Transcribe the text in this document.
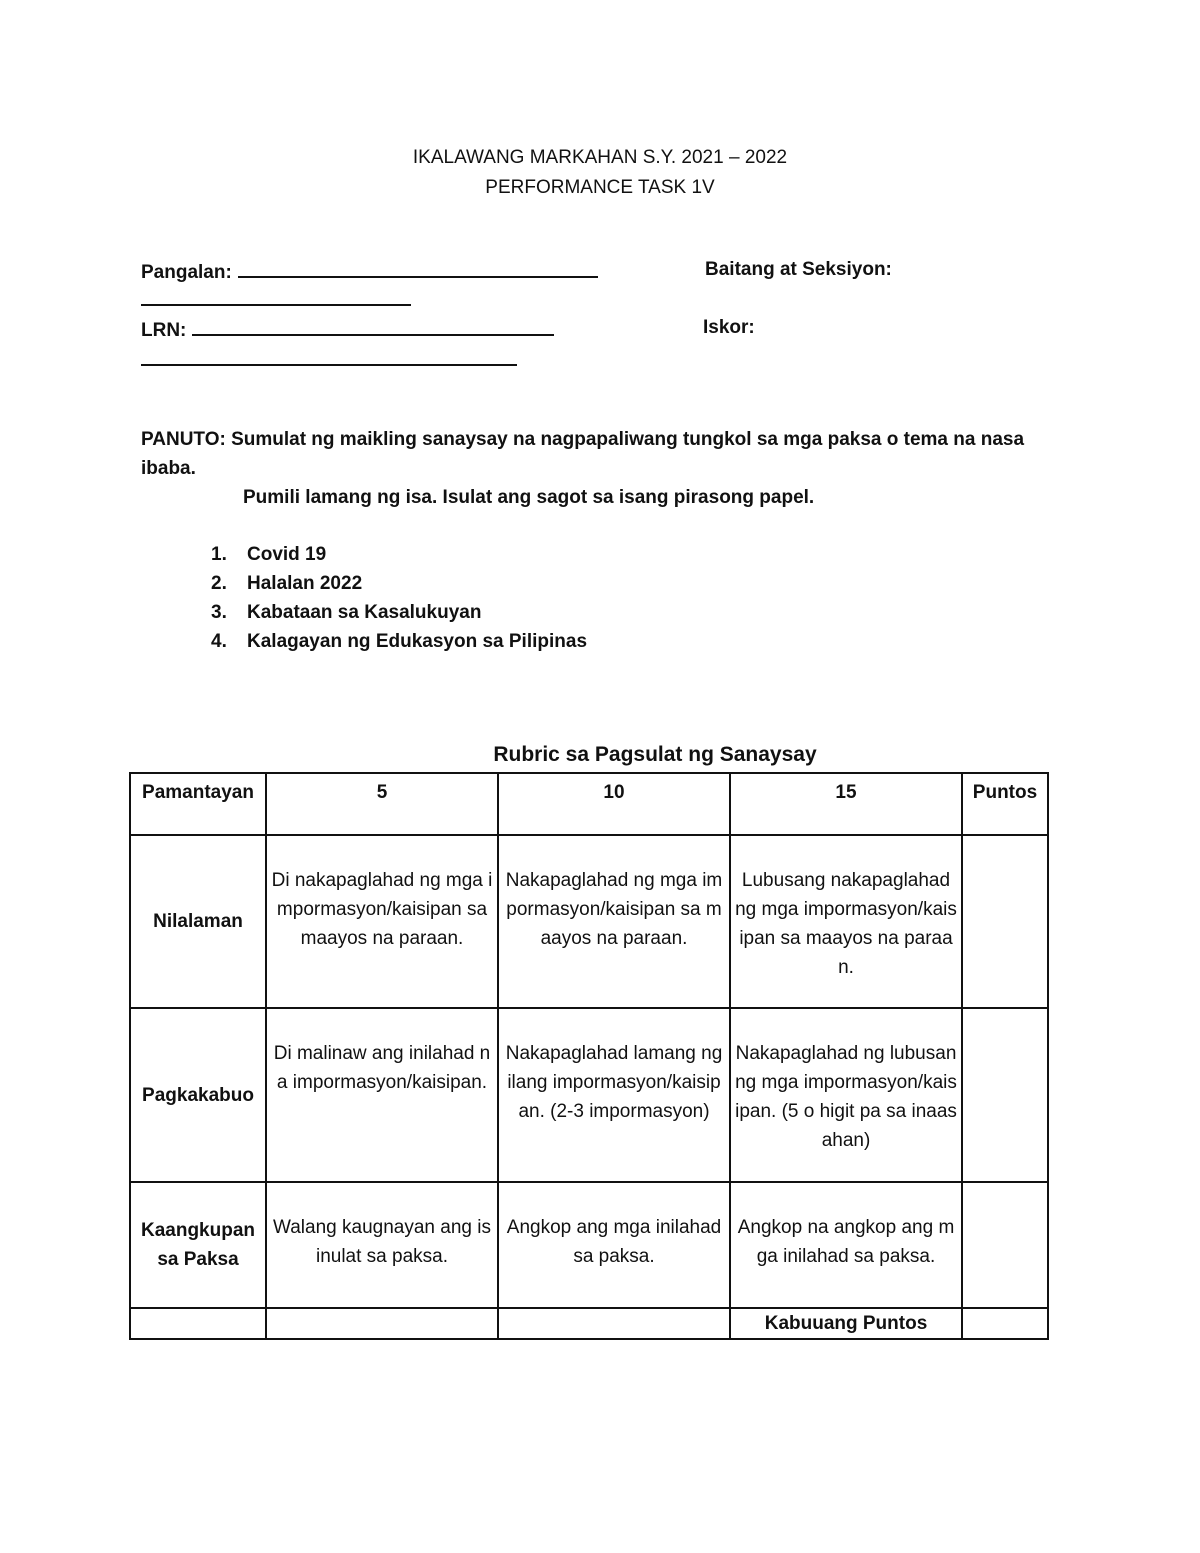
IKALAWANG MARKAHAN S.Y. 2021 – 2022
PERFORMANCE TASK 1V
Pangalan:	Baitang at Seksiyon:
LRN:	Iskor:
PANUTO: Sumulat ng maikling sanaysay na nagpapaliwang tungkol sa mga paksa o tema na nasa ibaba.
Pumili lamang ng isa. Isulat ang sagot sa isang pirasong papel.
1. Covid 19
2. Halalan 2022
3. Kabataan sa Kasalukuyan
4. Kalagayan ng Edukasyon sa Pilipinas
Rubric sa Pagsulat ng Sanaysay
Pamantayan	5	10	15	Puntos
Nilalaman	Di nakapaglahad ng mga impormasyon/kaisipan sa maayos na paraan.	Nakapaglahad ng mga impormasyon/kaisipan sa maayos na paraan.	Lubusang nakapaglahad ng mga impormasyon/kaisipan sa maayos na paraan.	
Pagkakabuo	Di malinaw ang inilahad na impormasyon/kaisipan.	Nakapaglahad lamang ng ilang impormasyon/kaisipan. (2-3 impormasyon)	Nakapaglahad ng lubusan ng mga impormasyon/kaisipan. (5 o higit pa sa inaasahan)	
Kaangkupan sa Paksa	Walang kaugnayan ang isinulat sa paksa.	Angkop ang mga inilahad sa paksa.	Angkop na angkop ang mga inilahad sa paksa.	
			Kabuuang Puntos	
